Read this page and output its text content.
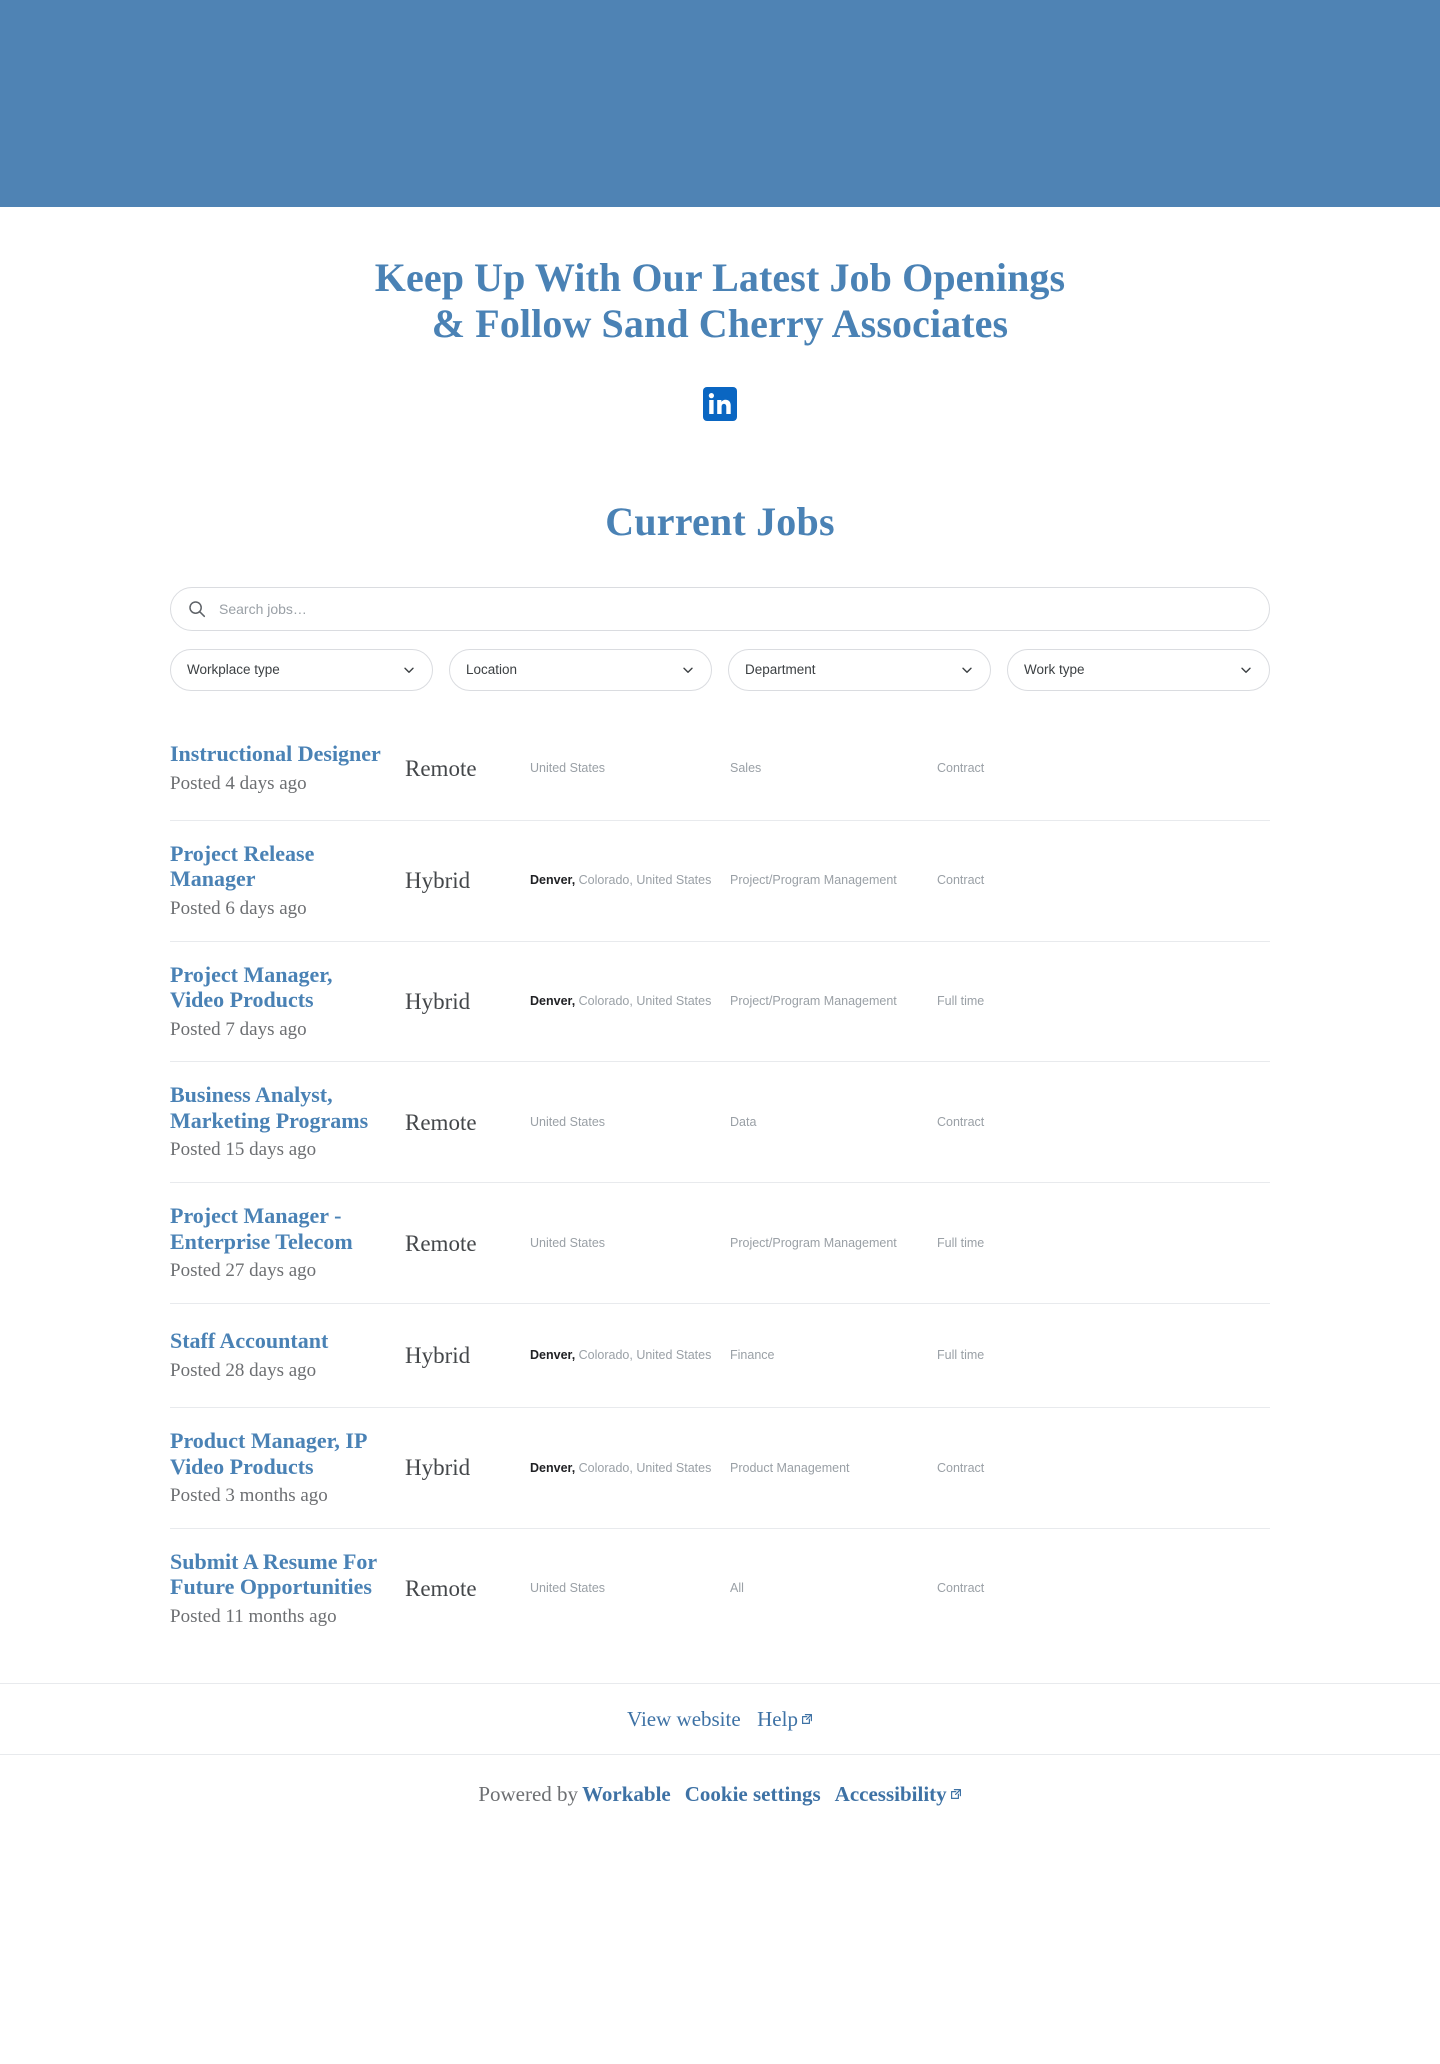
Keep Up With Our Latest Job Openings
& Follow Sand Cherry Associates
Current Jobs
Search jobs…
Workplace type	Location	Department	Work type
Instructional Designer
Posted 4 days ago
Remote	United States	Sales	Contract
Project Release Manager
Posted 6 days ago
Hybrid	Denver, Colorado, United States	Project/Program Management	Contract
Project Manager, Video Products
Posted 7 days ago
Hybrid	Denver, Colorado, United States	Project/Program Management	Full time
Business Analyst, Marketing Programs
Posted 15 days ago
Remote	United States	Data	Contract
Project Manager - Enterprise Telecom
Posted 27 days ago
Remote	United States	Project/Program Management	Full time
Staff Accountant
Posted 28 days ago
Hybrid	Denver, Colorado, United States	Finance	Full time
Product Manager, IP Video Products
Posted 3 months ago
Hybrid	Denver, Colorado, United States	Product Management	Contract
Submit A Resume For Future Opportunities
Posted 11 months ago
Remote	United States	All	Contract
View website Help
Powered by Workable Cookie settings Accessibility
